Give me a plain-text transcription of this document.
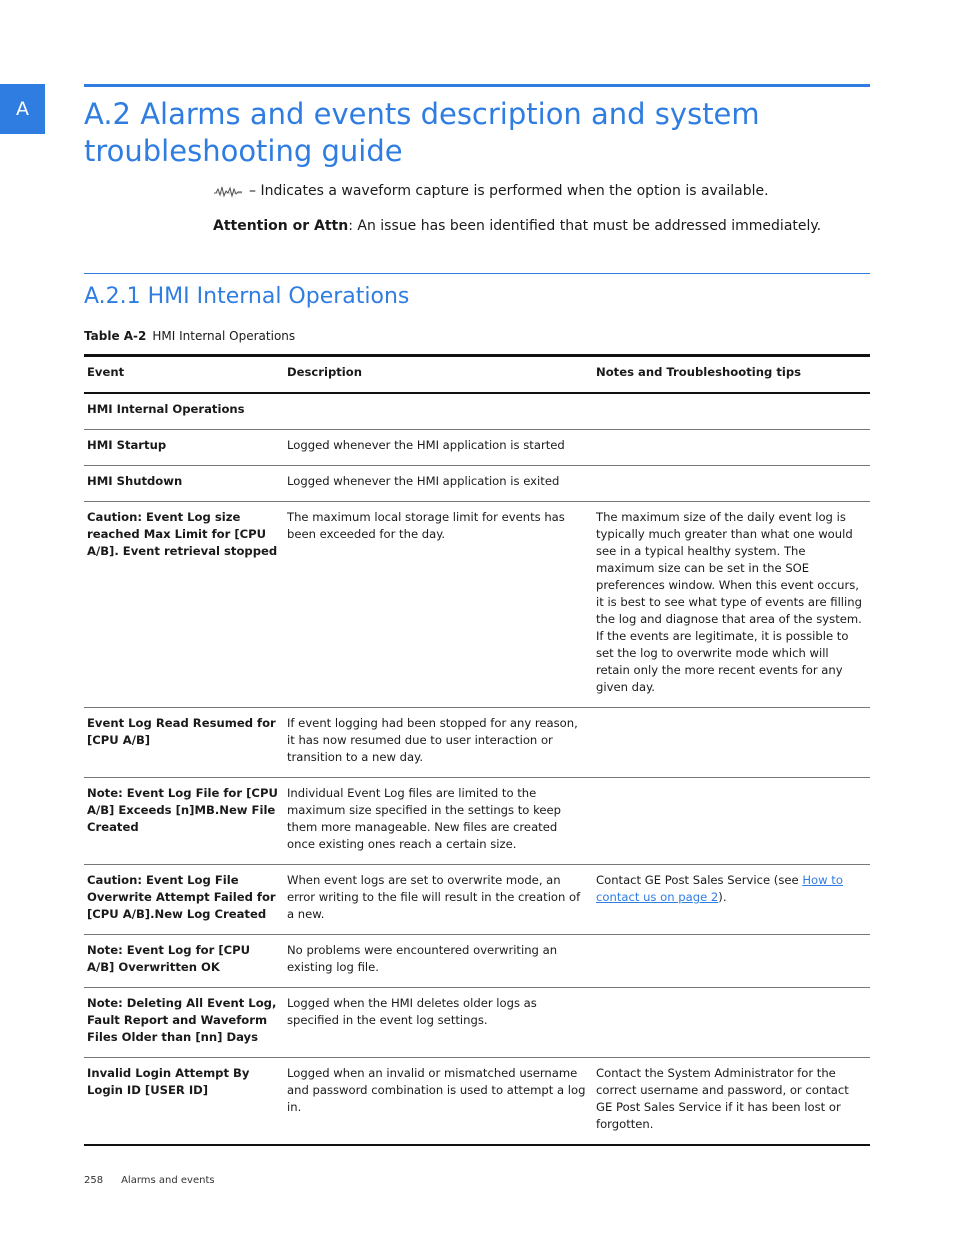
A	A.2 Alarms and events description and system troubleshooting guide

– Indicates a waveform capture is performed when the option is available.

Attention or Attn: An issue has been identified that must be addressed immediately.

A.2.1 HMI Internal Operations
Table A-2 HMI Internal Operations
Event	Description	Notes and Troubleshooting tips
HMI Internal Operations		
HMI Startup	Logged whenever the HMI application is started	
HMI Shutdown	Logged whenever the HMI application is exited	
Caution: Event Log size reached Max Limit for [CPU A/B]. Event retrieval stopped	The maximum local storage limit for events has been exceeded for the day.	The maximum size of the daily event log is typically much greater than what one would see in a typical healthy system. The maximum size can be set in the SOE preferences window. When this event occurs, it is best to see what type of events are filling the log and diagnose that area of the system. If the events are legitimate, it is possible to set the log to overwrite mode which will retain only the more recent events for any given day.
Event Log Read Resumed for [CPU A/B]	If event logging had been stopped for any reason, it has now resumed due to user interaction or transition to a new day.	
Note: Event Log File for [CPU A/B] Exceeds [n]MB.New File Created	Individual Event Log files are limited to the maximum size specified in the settings to keep them more manageable. New files are created once existing ones reach a certain size.	
Caution: Event Log File Overwrite Attempt Failed for [CPU A/B].New Log Created	When event logs are set to overwrite mode, an error writing to the file will result in the creation of a new.	Contact GE Post Sales Service (see How to contact us on page 2).
Note: Event Log for [CPU A/B] Overwritten OK	No problems were encountered overwriting an existing log file.	
Note: Deleting All Event Log, Fault Report and Waveform Files Older than [nn] Days	Logged when the HMI deletes older logs as specified in the event log settings.	
Invalid Login Attempt By Login ID [USER ID]	Logged when an invalid or mismatched username and password combination is used to attempt a log in.	Contact the System Administrator for the correct username and password, or contact GE Post Sales Service if it has been lost or forgotten.
258 Alarms and events
